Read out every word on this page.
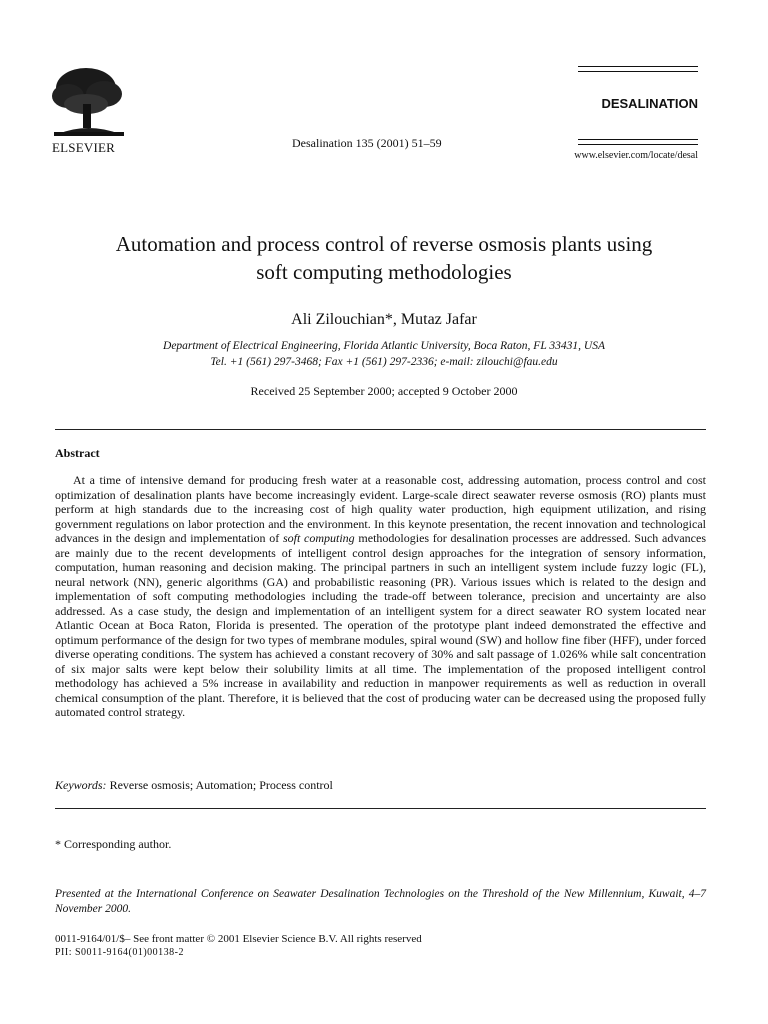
ELSEVIER	Desalination 135 (2001) 51–59
DESALINATION
www.elsevier.com/locate/desal
Automation and process control of reverse osmosis plants using
soft computing methodologies
Ali Zilouchian*, Mutaz Jafar
Department of Electrical Engineering, Florida Atlantic University, Boca Raton, FL 33431, USA
Tel. +1 (561) 297-3468; Fax +1 (561) 297-2336; e-mail: zilouchi@fau.edu
Received 25 September 2000; accepted 9 October 2000
Abstract

At a time of intensive demand for producing fresh water at a reasonable cost, addressing automation, process control and cost optimization of desalination plants have become increasingly evident. Large-scale direct seawater reverse osmosis (RO) plants must perform at high standards due to the increasing cost of high quality water production, high equipment utilization, and rising government regulations on labor protection and the environment. In this keynote presentation, the recent innovation and technological advances in the design and implementation of soft computing methodologies for desalination processes are addressed. Such advances are mainly due to the recent developments of intelligent control design approaches for the integration of sensory information, computation, human reasoning and decision making. The principal partners in such an intelligent system include fuzzy logic (FL), neural network (NN), generic algorithms (GA) and probabilistic reasoning (PR). Various issues which is related to the design and implementation of soft computing methodologies including the trade-off between tolerance, precision and uncertainty are also addressed. As a case study, the design and implementation of an intelligent system for a direct seawater RO system located near Atlantic Ocean at Boca Raton, Florida is presented. The operation of the prototype plant indeed demonstrated the effective and optimum performance of the design for two types of membrane modules, spiral wound (SW) and hollow fine fiber (HFF), under forced diverse operating conditions. The system has achieved a constant recovery of 30% and salt passage of 1.026% while salt concentration of six major salts were kept below their solubility limits at all time. The implementation of the proposed intelligent control methodology has achieved a 5% increase in availability and reduction in manpower requirements as well as reduction in overall chemical consumption of the plant. Therefore, it is believed that the cost of producing water can be decreased using the proposed fully automated control strategy.

Keywords: Reverse osmosis; Automation; Process control
* Corresponding author.
Presented at the International Conference on Seawater Desalination Technologies on the Threshold of the New Millennium, Kuwait, 4–7 November 2000.
0011-9164/01/$– See front matter © 2001 Elsevier Science B.V. All rights reserved
PII: S0011-9164(01)00138-2
